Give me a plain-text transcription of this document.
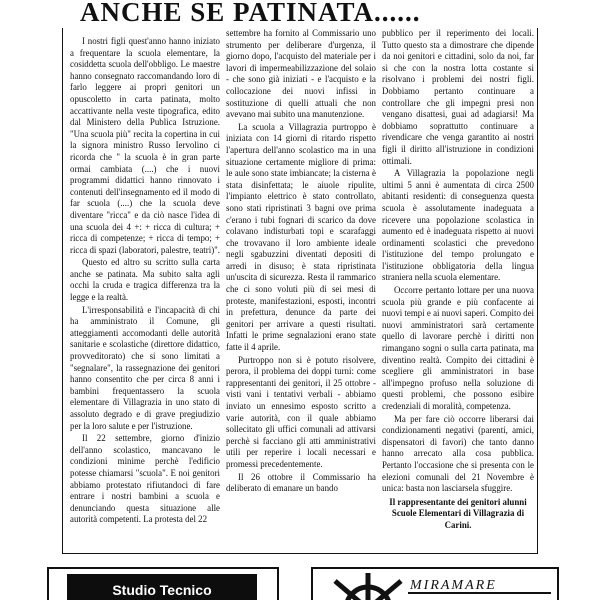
ANCHE SE PATINATA......

I nostri figli quest'anno hanno iniziato a frequentare la scuola elementare, la cosiddetta scuola dell'obbligo. Le maestre hanno consegnato raccomandando loro di farlo leggere ai propri genitori un opuscoletto in carta patinata, molto accattivante nella veste tipografica, edito dal Ministero della Publica Istruzione. "Una scuola più" recita la copertina in cui la signora ministro Russo Iervolino ci ricorda che " la scuola è in gran parte ormai cambiata (....) che i nuovi programmi didattici hanno rinnovato i contenuti dell'insegnamento ed il modo di far scuola (....) che la scuola deve diventare "ricca" e da ciò nasce l'idea di una scuola dei 4 +: + ricca di cultura; + ricca di competenze; + ricca di tempo; + ricca di spazi (laboratori, palestre, teatri)".

Questo ed altro su scritto sulla carta anche se patinata. Ma subito salta agli occhi la cruda e tragica differenza tra la legge e la realtà.

L'irresponsabilità e l'incapacità di chi ha amministrato il Comune, gli atteggiamenti accomodanti delle autorità sanitarie e scolastiche (direttore didattico, provveditorato) che si sono limitati a "segnalare", la rassegnazione dei genitori hanno consentito che per circa 8 anni i bambini frequentassero la scuola elementare di Villagrazia in uno stato di assoluto degrado e di grave pregiudizio per la loro salute e per l'istruzione.

Il 22 settembre, giorno d'inizio dell'anno scolastico, mancavano le condizioni minime perchè l'edificio potesse chiamarsi "scuola". E noi genitori abbiamo protestato rifiutandoci di fare entrare i nostri bambini a scuola e denunciando questa situazione alle autorità competenti. La protesta del 22

settembre ha fornito al Commissario uno strumento per deliberare d'urgenza, il giorno dopo, l'acquisto del materiale per i lavori di impermeabilizzazione del solaio - che sono già iniziati - e l'acquisto e la collocazione dei nuovi infissi in sostituzione di quelli attuali che non avevano mai subito una manutenzione.

La scuola a Villagrazia purtroppo è iniziata con 14 giorni di ritardo rispetto l'apertura dell'anno scolastico ma in una situazione certamente migliore di prima: le aule sono state imbiancate; la cisterna è stata disinfettata; le aiuole ripulite, l'impianto elettrico è stato controllato, sono stati ripristinati 3 bagni ove prima c'erano i tubi fognari di scarico da dove colavano indisturbati topi e scarafaggi che trovavano il loro ambiente ideale negli sgabuzzini diventati depositi di arredi in disuso; è stata ripristinata un'uscita di sicurezza. Resta il rammarico che ci sono voluti più di sei mesi di proteste, manifestazioni, esposti, incontri in prefettura, denunce da parte dei genitori per arrivare a questi risultati. Infatti le prime segnalazioni erano state fatte il 4 aprile.

Purtroppo non si è potuto risolvere, perora, il problema dei doppi turni: come rappresentanti dei genitori, il 25 ottobre - visti vani i tentativi verbali - abbiamo inviato un ennesimo esposto scritto a varie autorità, con il quale abbiamo sollecitato gli uffici comunali ad attivarsi perchè si facciano gli atti amministrativi utili per reperire i locali necessari e promessi precedentemente.

Il 26 ottobre il Commissario ha deliberato di emanare un bando

pubblico per il reperimento dei locali. Tutto questo sta a dimostrare che dipende da noi genitori e cittadini, solo da noi, far sì che con la nostra lotta costante si risolvano i problemi dei nostri figli. Dobbiamo pertanto continuare a controllare che gli impegni presi non vengano disattesi, guai ad adagiarsi! Ma dobbiamo soprattutto continuare a rivendicare che venga garantito ai nostri figli il diritto all'istruzione in condizioni ottimali.

A Villagrazia la popolazione negli ultimi 5 anni è aumentata di circa 2500 abitanti residenti: di conseguenza questa scuola è assolutamente inadeguata a ricevere una popolazione scolastica in aumento ed è inadeguata rispetto ai nuovi ordinamenti scolastici che prevedono l'istituzione del tempo prolungato e l'istituzione obbligatoria della lingua straniera nella scuola elementare.

Occorre pertanto lottare per una nuova scuola più grande e più confacente ai nuovi tempi e ai nuovi saperi. Compito dei nuovi amministratori sarà certamente quello di lavorare perchè i diritti non rimangano sogni o sulla carta patinata, ma diventino realtà. Compito dei cittadini è scegliere gli amministratori in base all'impegno profuso nella soluzione di questi problemi, che possono esibire credenziali di moralità, competenza.

Ma per fare ciò occorre liberarsi dai condizionamenti negativi (parenti, amici, dispensatori di favori) che tanto danno hanno arrecato alla cosa pubblica. Pertanto l'occasione che si presenta con le elezioni comunali del 21 Novembre è unica: basta non lasciarsela sfuggire.

Il rappresentante dei genitori alunni Scuole Elementari di Villagrazia di Carini.
Studio Tecnico	MIRAMARE
